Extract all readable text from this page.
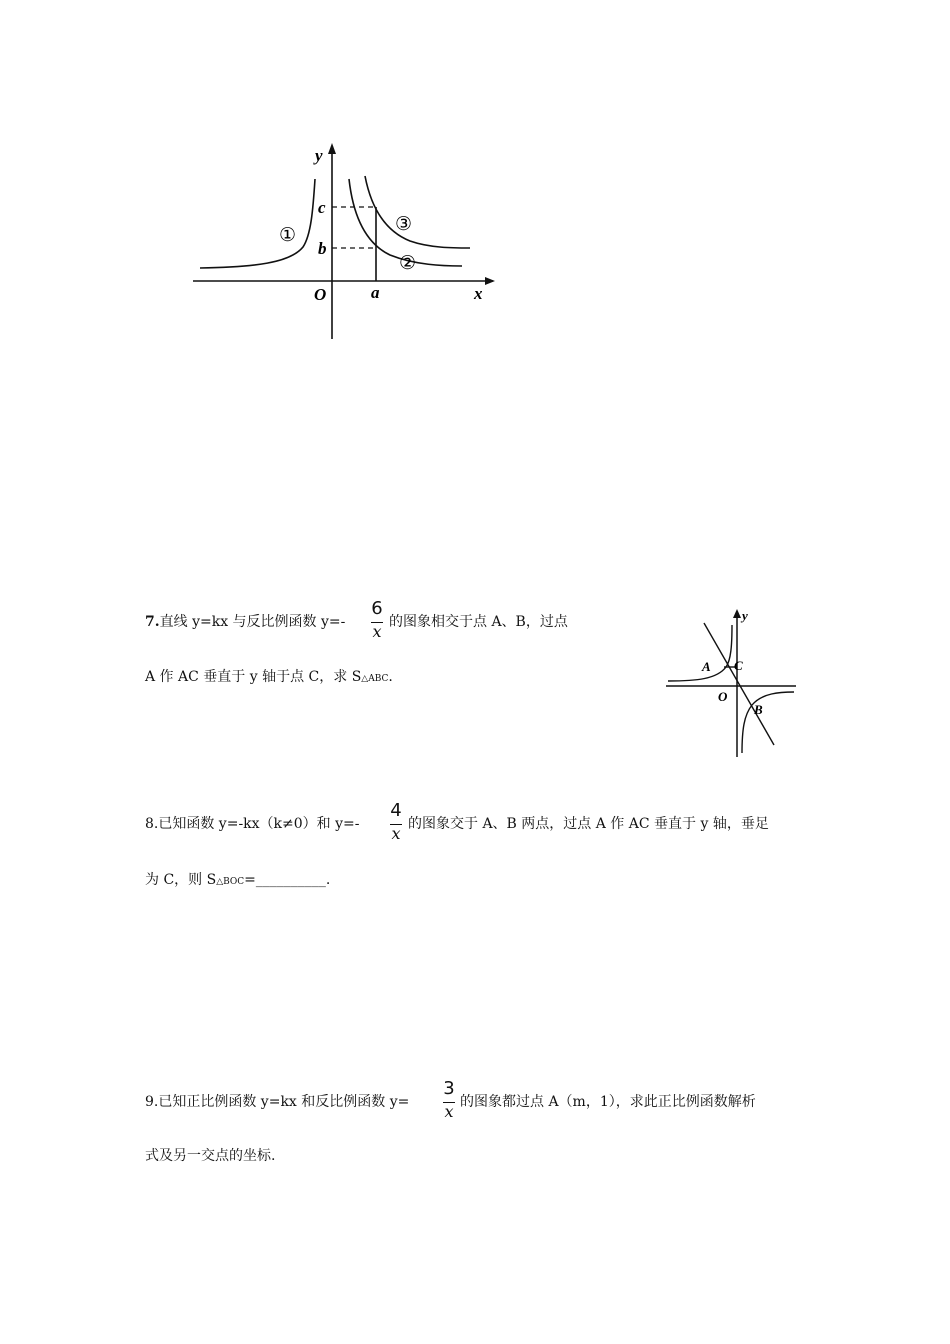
y
x
O
c
b
a
①
③
②
7.直线 y=kx 与反比例函数 y=-
6
x 的图象相交于点 A、B，过点
A 作 AC 垂直于 y 轴于点 C，求 S△ABC.
y
A C
O
B
8.已知函数 y=-kx（k≠0）和 y=-
4
x 的图象交于 A、B 两点，过点 A 作 AC 垂直于 y 轴，垂足
为 C，则 S△BOC=__________.
9.已知正比例函数 y=kx 和反比例函数 y=
3
x 的图象都过点 A（m，1），求此正比例函数解析
式及另一交点的坐标.
